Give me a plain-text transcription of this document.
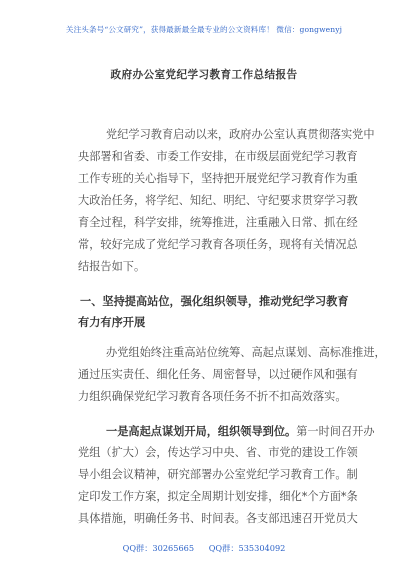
关注头条号“公文研究”，获得最新最全最专业的公文资料库！ 微信：gongwenyj
政府办公室党纪学习教育工作总结报告
党纪学习教育启动以来，政府办公室认真贯彻落实党中
央部署和省委、市委工作安排，在市级层面党纪学习教育
工作专班的关心指导下，坚持把开展党纪学习教育作为重
大政治任务，将学纪、知纪、明纪、守纪要求贯穿学习教
育全过程，科学安排，统筹推进，注重融入日常、抓在经
常，较好完成了党纪学习教育各项任务，现将有关情况总
结报告如下。
一、坚持提高站位，强化组织领导，推动党纪学习教育
有力有序开展
办党组始终注重高站位统筹、高起点谋划、高标准推进，
通过压实责任、细化任务、周密督导，以过硬作风和强有
力组织确保党纪学习教育各项任务不折不扣高效落实。
一是高起点谋划开局，组织领导到位。第一时间召开办
党组（扩大）会，传达学习中央、省、市党的建设工作领
导小组会议精神，研究部署办公室党纪学习教育工作。制
定印发工作方案，拟定全周期计划安排，细化*个方面*条
具体措施，明确任务书、时间表。各支部迅速召开党员大
QQ群：30265665 QQ群：535304092
